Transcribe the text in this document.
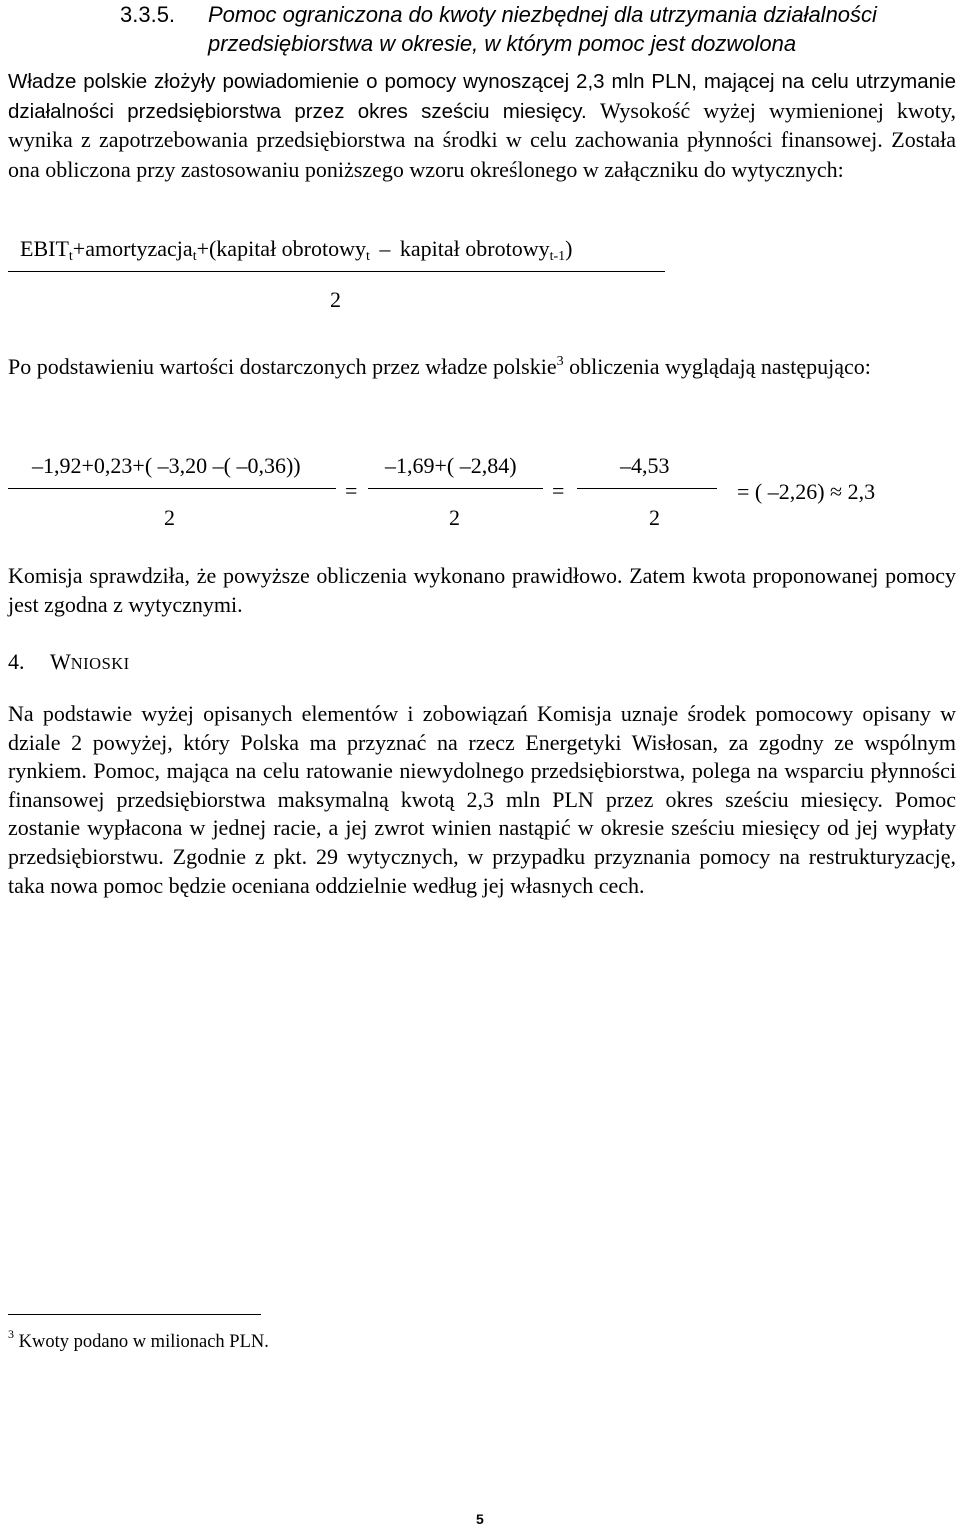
3.3.5.	Pomoc ograniczona do kwoty niezbędnej dla utrzymania działalności przedsiębiorstwa w okresie, w którym pomoc jest dozwolona
Władze polskie złożyły powiadomienie o pomocy wynoszącej 2,3 mln PLN, mającej na celu utrzymanie działalności przedsiębiorstwa przez okres sześciu miesięcy. Wysokość wyżej wymienionej kwoty, wynika z zapotrzebowania przedsiębiorstwa na środki w celu zachowania płynności finansowej. Została ona obliczona przy zastosowaniu poniższego wzoru określonego w załączniku do wytycznych:
$EBIT_t+amortyzacja_t+(kapitał$ obrotowy$_t$ – kapitał obrotowy$_{t-1}$)
2
Po podstawieniu wartości dostarczonych przez władze polskie$^3$ obliczenia wyglądają następująco:
–1,92+0,23+( –3,20 –( –0,36))
2
=
–1,69+( –2,84)
2
=
–4,53
2
= ( –2,26) ≈ 2,3
Komisja sprawdziła, że powyższe obliczenia wykonano prawidłowo. Zatem kwota proponowanej pomocy jest zgodna z wytycznymi.
4. WNIOSKI
Na podstawie wyżej opisanych elementów i zobowiązań Komisja uznaje środek pomocowy opisany w dziale 2 powyżej, który Polska ma przyznać na rzecz Energetyki Wisłosan, za zgodny ze wspólnym rynkiem. Pomoc, mająca na celu ratowanie niewydolnego przedsiębiorstwa, polega na wsparciu płynności finansowej przedsiębiorstwa maksymalną kwotą 2,3 mln PLN przez okres sześciu miesięcy. Pomoc zostanie wypłacona w jednej racie, a jej zwrot winien nastąpić w okresie sześciu miesięcy od jej wypłaty przedsiębiorstwu. Zgodnie z pkt. 29 wytycznych, w przypadku przyznania pomocy na restrukturyzację, taka nowa pomoc będzie oceniana oddzielnie według jej własnych cech.
$^3$ Kwoty podano w milionach PLN.
5
